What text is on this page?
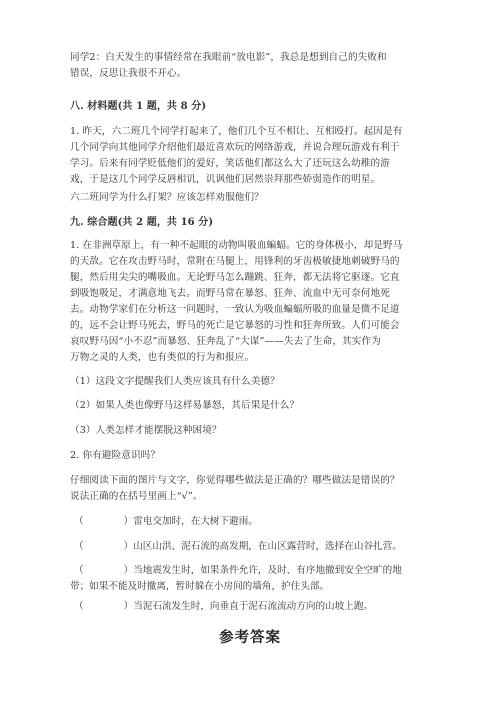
同学2：白天发生的事情经常在我眼前“放电影”，我总是想到自己的失败和

错误，反思让我很不开心。

八. 材料题(共 1 题，共 8 分)

1. 昨天，六二班几个同学打起来了，他们几个互不相让、互相殴打。起因是有

几个同学向其他同学介绍他们最近喜欢玩的网络游戏，并说合理玩游戏有利于

学习。后来有同学贬低他们的爱好，笑话他们都这么大了还玩这么幼稚的游

戏，于是这几个同学反唇相讥，讥讽他们居然崇拜那些娇弱造作的明星。

六二班同学为什么打架？应该怎样劝服他们？

九. 综合题(共 2 题，共 16 分)

1. 在非洲草原上，有一种不起眼的动物叫吸血蝙蝠。它的身体极小，却是野马

的天敌。它在攻击野马时，常附在马腿上，用锋利的牙齿极敏捷地刺破野马的

腿，然后用尖尖的嘴吸血。无论野马怎么蹦跳、狂奔，都无法将它驱逐。它直

到吸饱吸足，才满意地飞去。而野马常在暴怒、狂奔、流血中无可奈何地死

去。动物学家们在分析这一问题时，一致认为吸血蝙蝠所吸的血量是微不足道

的，远不会让野马死去，野马的死亡是它暴怒的习性和狂奔所致。人们可能会

哀叹野马因“小不忍”而暴怒、狂奔乱了“大谋”——失去了生命，其实作为

万物之灵的人类，也有类似的行为和报应。

（1）这段文字提醒我们人类应该具有什么美德？

（2）如果人类也像野马这样易暴怒，其后果是什么？

（3）人类怎样才能摆脱这种困境？

2. 你有避险意识吗？

仔细阅读下面的图片与文字，你觉得哪些做法是正确的？哪些做法是错误的？

说法正确的在括号里画上“√”。

（	）雷电交加时，在大树下避雨。
（	）山区山洪、泥石流的高发期，在山区露营时，选择在山谷扎营。
（	）当地震发生时，如果条件允许，及时、有序地撤到安全空旷的地
带；如果不能及时撤离，暂时躲在小房间的墙角，护住头部。
（	）当泥石流发生时，向垂直于泥石流流动方向的山坡上跑。
参考答案
